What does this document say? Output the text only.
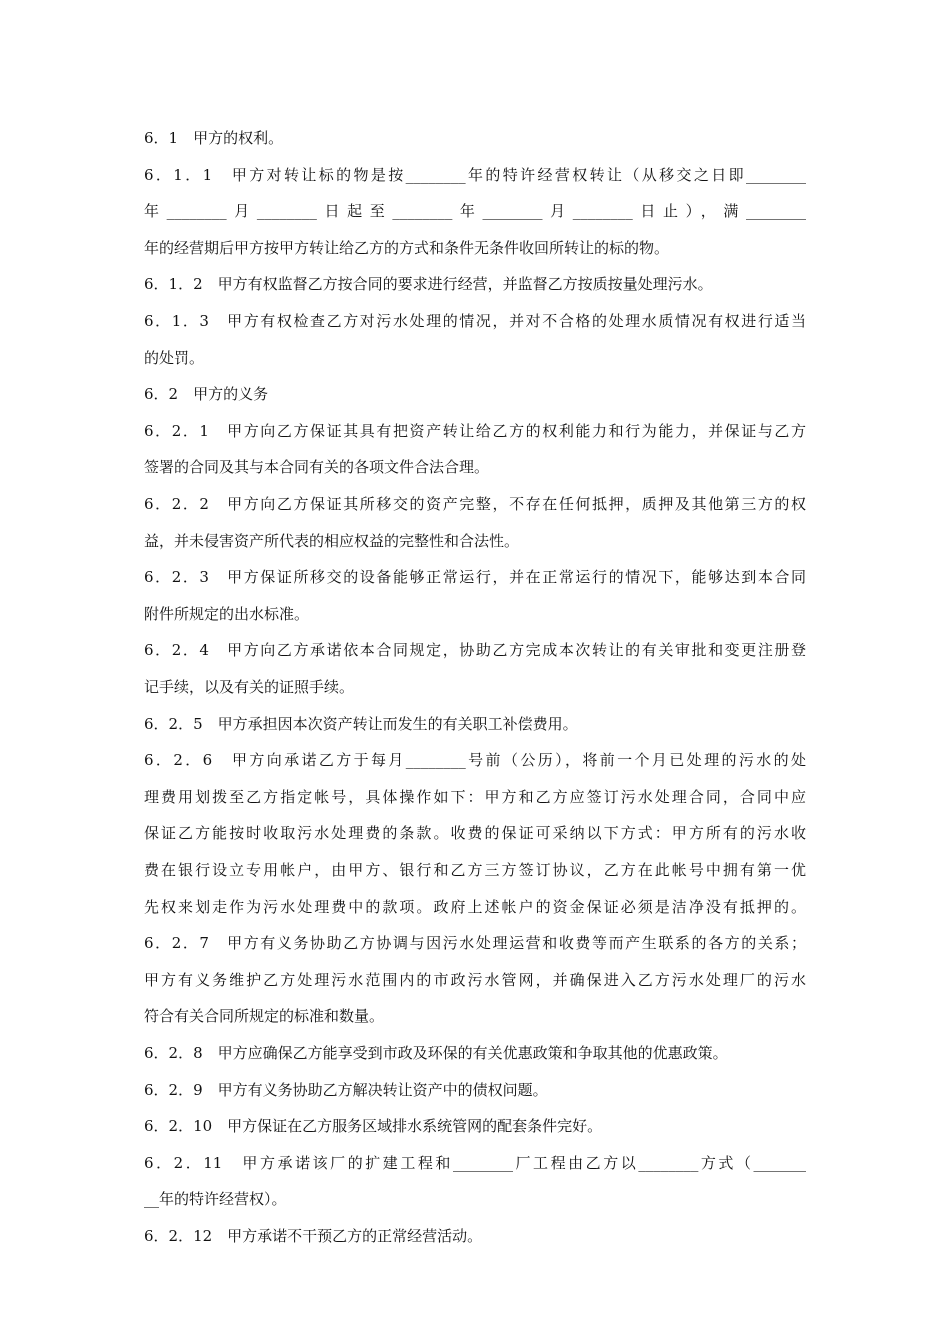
6．1　甲方的权利。
6．1．1　甲方对转让标的物是按________年的特许经营权转让（从移交之日即________
年________月________日起至________年________月________日止），满________
年的经营期后甲方按甲方转让给乙方的方式和条件无条件收回所转让的标的物。
6．1．2　甲方有权监督乙方按合同的要求进行经营，并监督乙方按质按量处理污水。
6．1．3　甲方有权检查乙方对污水处理的情况，并对不合格的处理水质情况有权进行适当
的处罚。
6．2　甲方的义务
6．2．1　甲方向乙方保证其具有把资产转让给乙方的权利能力和行为能力，并保证与乙方
签署的合同及其与本合同有关的各项文件合法合理。
6．2．2　甲方向乙方保证其所移交的资产完整，不存在任何抵押，质押及其他第三方的权
益，并未侵害资产所代表的相应权益的完整性和合法性。
6．2．3　甲方保证所移交的设备能够正常运行，并在正常运行的情况下，能够达到本合同
附件所规定的出水标准。
6．2．4　甲方向乙方承诺依本合同规定，协助乙方完成本次转让的有关审批和变更注册登
记手续，以及有关的证照手续。
6．2．5　甲方承担因本次资产转让而发生的有关职工补偿费用。
6．2．6　甲方向承诺乙方于每月________号前（公历），将前一个月已处理的污水的处
理费用划拨至乙方指定帐号，具体操作如下：甲方和乙方应签订污水处理合同，合同中应
保证乙方能按时收取污水处理费的条款。收费的保证可采纳以下方式：甲方所有的污水收
费在银行设立专用帐户，由甲方、银行和乙方三方签订协议，乙方在此帐号中拥有第一优
先权来划走作为污水处理费中的款项。政府上述帐户的资金保证必须是洁净没有抵押的。
6．2．7　甲方有义务协助乙方协调与因污水处理运营和收费等而产生联系的各方的关系；
甲方有义务维护乙方处理污水范围内的市政污水管网，并确保进入乙方污水处理厂的污水
符合有关合同所规定的标准和数量。
6．2．8　甲方应确保乙方能享受到市政及环保的有关优惠政策和争取其他的优惠政策。
6．2．9　甲方有义务协助乙方解决转让资产中的债权问题。
6．2．10　甲方保证在乙方服务区域排水系统管网的配套条件完好。
6．2．11　甲方承诺该厂的扩建工程和________厂工程由乙方以________方式（_______
__年的特许经营权）。
6．2．12　甲方承诺不干预乙方的正常经营活动。
